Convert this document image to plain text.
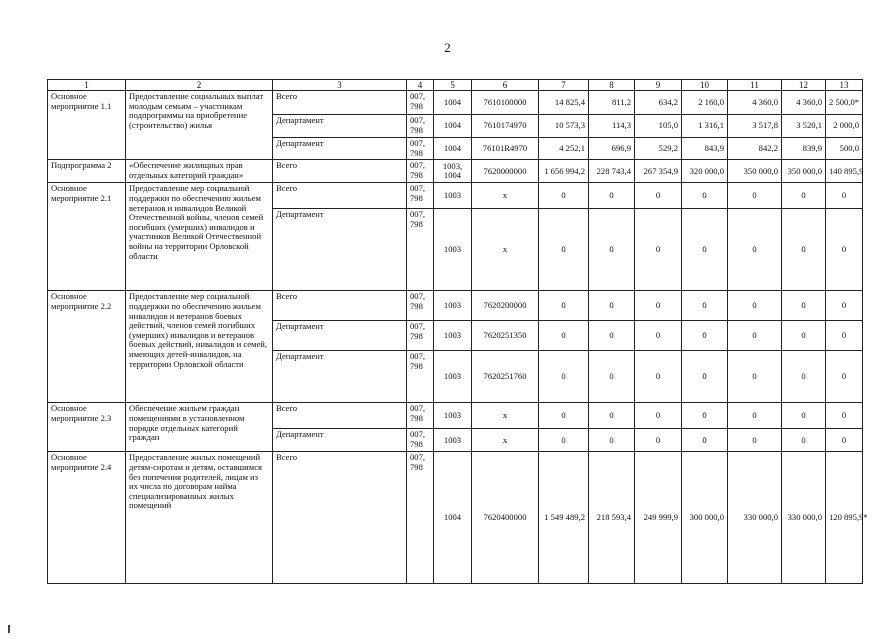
2
1	2	3	4	5	6	7	8	9	10	11	12	13
Основное мероприятие 1.1	Предоставление социальных выплат молодым семьям – участникам подпрограммы на приобретение (строительство) жилья	Всего	007, 798	1004	7610100000	14 825,4	811,2	634,2	2 160,0	4 360,0	4 360,0	2 500,0*
		Департамент	007, 798	1004	7610174970	10 573,3	114,3	105,0	1 316,1	3 517,8	3 520,1	2 000,0
		Департамент	007, 798	1004	76101R4970	4 252,1	696,9	529,2	843,9	842,2	839,9	500,0
Подпрограмма 2	«Обеспечение жилищных прав отдельных категорий граждан»	Всего	007, 798	1003, 1004	7620000000	1 656 994,2	228 743,4	267 354,9	320 000,0	350 000,0	350 000,0	140 895,9
Основное мероприятие 2.1	Предоставление мер социальной поддержки по обеспечению жильем ветеранов и инвалидов Великой Отечественной войны, членов семей погибших (умерших) инвалидов и участников Великой Отечественной войны на территории Орловской области	Всего	007, 798	1003	x	0	0	0	0	0	0	0
		Департамент	007, 798	1003	x	0	0	0	0	0	0	0
Основное мероприятие 2.2	Предоставление мер социальной поддержки по обеспечению жильем инвалидов и ветеранов боевых действий, членов семей погибших (умерших) инвалидов и ветеранов боевых действий, инвалидов и семей, имеющих детей-инвалидов, на территории Орловской области	Всего	007, 798	1003	7620200000	0	0	0	0	0	0	0
		Департамент	007, 798	1003	7620251350	0	0	0	0	0	0	0
		Департамент	007, 798	1003	7620251760	0	0	0	0	0	0	0
Основное мероприятие 2.3	Обеспечение жильем граждан помещениями в установленном порядке отдельных категорий граждан	Всего	007, 798	1003	x	0	0	0	0	0	0	0
		Департамент	007, 798	1003	x	0	0	0	0	0	0	0
Основное мероприятие 2.4	Предоставление жилых помещений детям-сиротам и детям, оставшимся без попечения родителей, лицам из их числа по договорам найма специализированных жилых помещений	Всего	007, 798	1004	7620400000	1 549 489,2	218 593,4	249 999,9	300 000,0	330 000,0	330 000,0	120 895,9*
